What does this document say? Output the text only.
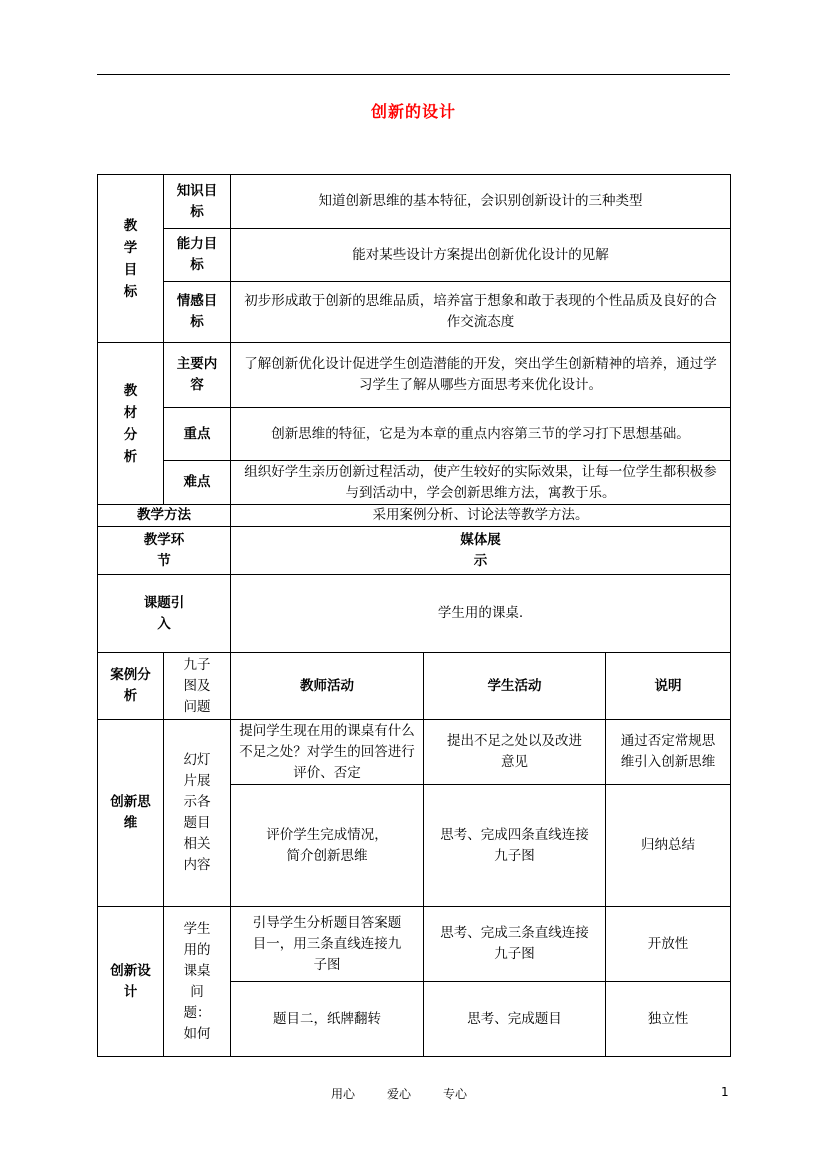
创新的设计
教学目标	知识目标	知道创新思维的基本特征，会识别创新设计的三种类型		
	能力目标	能对某些设计方案提出创新优化设计的见解		
	情感目标	初步形成敢于创新的思维品质，培养富于想象和敢于表现的个性品质及良好的合作交流态度		
教材分析	主要内容	了解创新优化设计促进学生创造潜能的开发，突出学生创新精神的培养，通过学习学生了解从哪些方面思考来优化设计。		
	重点	创新思维的特征，它是为本章的重点内容第三节的学习打下思想基础。		
	难点	组织好学生亲历创新过程活动，使产生较好的实际效果，让每一位学生都积极参与到活动中，学会创新思维方法，寓教于乐。		
教学方法		采用案例分析、讨论法等教学方法。		
教学环节		媒体展示		
课题引入		学生用的课桌.		
案例分析	九子图及问题	教师活动	学生活动	说明
创新思维	幻灯片展示各题目相关内容	提问学生现在用的课桌有什么不足之处？对学生的回答进行评价、否定	提出不足之处以及改进意见	通过否定常规思维引入创新思维
		评价学生完成情况，简介创新思维	思考、完成四条直线连接九子图	归纳总结
创新设计	学生用的课桌问题：如何	引导学生分析题目答案题目一，用三条直线连接九子图	思考、完成三条直线连接九子图	开放性
		题目二，纸牌翻转	思考、完成题目	独立性
用心	爱心	专心	1
